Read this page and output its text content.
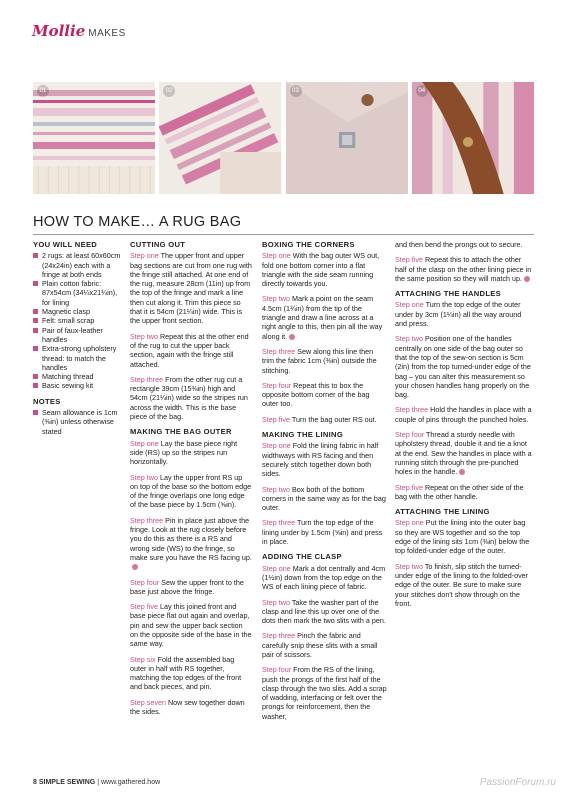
Mollie MAKES
01	02	03	04
HOW TO MAKE… A RUG BAG
YOU WILL NEED
2 rugs: at least 60x60cm (24x24in) each with a fringe at both ends
Plain cotton fabric: 87x54cm (34¼x21¼in), for lining
Magnetic clasp
Felt: small scrap
Pair of faux-leather handles
Extra-strong upholstery thread: to match the handles
Matching thread
Basic sewing kit
NOTES
Seam allowance is 1cm (⅜in) unless otherwise stated
CUTTING OUT

Step one The upper front and upper bag sections are cut from one rug with the fringe still attached. At one end of the rug, measure 28cm (11in) up from the top of the fringe and mark a line then cut along it. Trim this piece so that it is 54cm (21¼in) wide. This is the upper front section.

Step two Repeat this at the other end of the rug to cut the upper back section, again with the fringe still attached.

Step three From the other rug cut a rectangle 39cm (15⅜in) high and 54cm (21¼in) wide so the stripes run across the width. This is the base piece of the bag.

MAKING THE BAG OUTER

Step one Lay the base piece right side (RS) up so the stripes run horizontally.

Step two Lay the upper front RS up on top of the base so the bottom edge of the fringe overlaps one long edge of the base piece by 1.5cm (⅝in).

Step three Pin in place just above the fringe. Look at the rug closely before you do this as there is a RS and wrong side (WS) to the fringe, so make sure you have the RS facing up.

Step four Sew the upper front to the base just above the fringe.

Step five Lay this joined front and base piece flat out again and overlap, pin and sew the upper back section on the opposite side of the base in the same way.

Step six Fold the assembled bag outer in half with RS together, matching the top edges of the front and back pieces, and pin.

Step seven Now sew together down the sides.

BOXING THE CORNERS

Step one With the bag outer WS out, fold one bottom corner into a flat triangle with the side seam running directly towards you.

Step two Mark a point on the seam 4.5cm (1¾in) from the tip of the triangle and draw a line across at a right angle to this, then pin all the way along it.

Step three Sew along this line then trim the fabric 1cm (⅜in) outside the stitching.

Step four Repeat this to box the opposite bottom corner of the bag outer too.

Step five Turn the bag outer RS out.

MAKING THE LINING

Step one Fold the lining fabric in half widthways with RS facing and then securely stitch together down both sides.

Step two Box both of the bottom corners in the same way as for the bag outer.

Step three Turn the top edge of the lining under by 1.5cm (⅝in) and press in place.

ADDING THE CLASP

Step one Mark a dot centrally and 4cm (1½in) down from the top edge on the WS of each lining piece of fabric.

Step two Take the washer part of the clasp and line this up over one of the dots then mark the two slits with a pen.

Step three Pinch the fabric and carefully snip these slits with a small pair of scissors.

Step four From the RS of the lining, push the prongs of the first half of the clasp through the two slits. Add a scrap of wadding, interfacing or felt over the prongs for reinforcement, then the washer,

and then bend the prongs out to secure.

Step five Repeat this to attach the other half of the clasp on the other lining piece in the same position so they will match up.

ATTACHING THE HANDLES

Step one Turn the top edge of the outer under by 3cm (1¼in) all the way around and press.

Step two Position one of the handles centrally on one side of the bag outer so that the top of the sew-on section is 5cm (2in) from the top turned-under edge of the bag – you can alter this measurement so your chosen handles hang properly on the bag.

Step three Hold the handles in place with a couple of pins through the punched holes.

Step four Thread a sturdy needle with upholstery thread, double it and tie a knot at the end. Sew the handles in place with a running stitch through the pre-punched holes in the handle.

Step five Repeat on the other side of the bag with the other handle.

ATTACHING THE LINING

Step one Put the lining into the outer bag so they are WS together and so the top edge of the lining sits 1cm (⅜in) below the top folded-under edge of the outer.

Step two To finish, slip stitch the turned-under edge of the lining to the folded-over edge of the outer. Be sure to make sure your stitches don't show through on the front.

8 SIMPLE SEWING | www.gathered.how	PassionForum.ru
